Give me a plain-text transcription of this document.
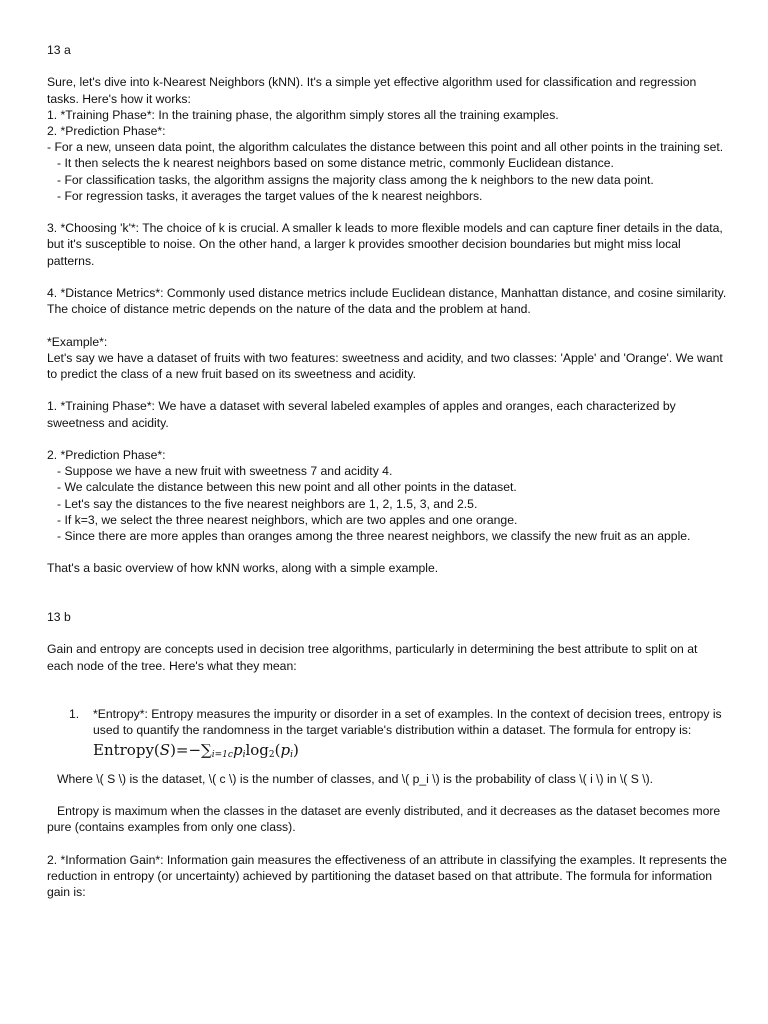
13 a

Sure, let's dive into k-Nearest Neighbors (kNN). It's a simple yet effective algorithm used for classification and regression tasks. Here's how it works:

1. *Training Phase*: In the training phase, the algorithm simply stores all the training examples.

2. *Prediction Phase*:

- For a new, unseen data point, the algorithm calculates the distance between this point and all other points in the training set.

- It then selects the k nearest neighbors based on some distance metric, commonly Euclidean distance.

- For classification tasks, the algorithm assigns the majority class among the k neighbors to the new data point.

- For regression tasks, it averages the target values of the k nearest neighbors.

3. *Choosing 'k'*: The choice of k is crucial. A smaller k leads to more flexible models and can capture finer details in the data, but it's susceptible to noise. On the other hand, a larger k provides smoother decision boundaries but might miss local patterns.

4. *Distance Metrics*: Commonly used distance metrics include Euclidean distance, Manhattan distance, and cosine similarity. The choice of distance metric depends on the nature of the data and the problem at hand.

*Example*:

Let's say we have a dataset of fruits with two features: sweetness and acidity, and two classes: 'Apple' and 'Orange'. We want to predict the class of a new fruit based on its sweetness and acidity.

1. *Training Phase*: We have a dataset with several labeled examples of apples and oranges, each characterized by sweetness and acidity.

2. *Prediction Phase*:

- Suppose we have a new fruit with sweetness 7 and acidity 4.

- We calculate the distance between this new point and all other points in the dataset.

- Let's say the distances to the five nearest neighbors are 1, 2, 1.5, 3, and 2.5.

- If k=3, we select the three nearest neighbors, which are two apples and one orange.

- Since there are more apples than oranges among the three nearest neighbors, we classify the new fruit as an apple.

That's a basic overview of how kNN works, along with a simple example.

13 b

Gain and entropy are concepts used in decision tree algorithms, particularly in determining the best attribute to split on at each node of the tree. Here's what they mean:

1. *Entropy*: Entropy measures the impurity or disorder in a set of examples. In the context of decision trees, entropy is used to quantify the randomness in the target variable's distribution within a dataset. The formula for entropy is:

$Entropy(S)=-\sum_{i=1c}p_i\log_2(p_i)$

Where \( S \) is the dataset, \( c \) is the number of classes, and \( p_i \) is the probability of class \( i \) in \( S \).

Entropy is maximum when the classes in the dataset are evenly distributed, and it decreases as the dataset becomes more pure (contains examples from only one class).

2. *Information Gain*: Information gain measures the effectiveness of an attribute in classifying the examples. It represents the reduction in entropy (or uncertainty) achieved by partitioning the dataset based on that attribute. The formula for information gain is:
